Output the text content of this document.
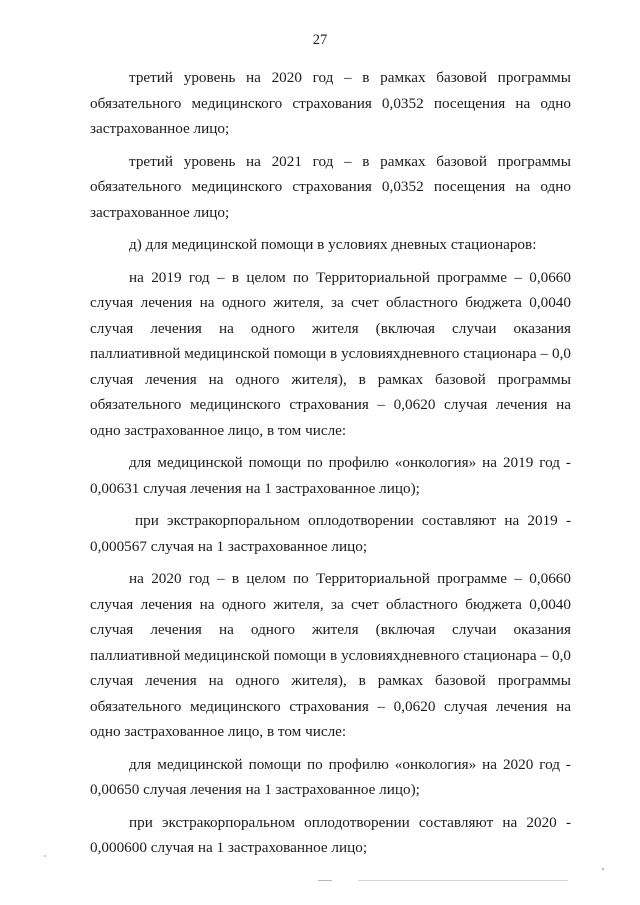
27

третий уровень на 2020 год – в рамках базовой программы обязательного медицинского страхования 0,0352 посещения на одно застрахованное лицо;

третий уровень на 2021 год – в рамках базовой программы обязательного медицинского страхования 0,0352 посещения на одно застрахованное лицо;

д) для медицинской помощи в условиях дневных стационаров:

на 2019 год – в целом по Территориальной программе – 0,0660 случая лечения на одного жителя, за счет областного бюджета 0,0040 случая лечения на одного жителя (включая случаи оказания паллиативной медицинской помощи в условияхдневного стационара – 0,0 случая лечения на одного жителя), в рамках базовой программы обязательного медицинского страхования – 0,0620 случая лечения на одно застрахованное лицо, в том числе:

для медицинской помощи по профилю «онкология» на 2019 год - 0,00631 случая лечения на 1 застрахованное лицо);

при экстракорпоральном оплодотворении составляют на 2019 - 0,000567 случая на 1 застрахованное лицо;

на 2020 год – в целом по Территориальной программе – 0,0660 случая лечения на одного жителя, за счет областного бюджета 0,0040 случая лечения на одного жителя (включая случаи оказания паллиативной медицинской помощи в условияхдневного стационара – 0,0 случая лечения на одного жителя), в рамках базовой программы обязательного медицинского страхования – 0,0620 случая лечения на одно застрахованное лицо, в том числе:

для медицинской помощи по профилю «онкология» на 2020 год - 0,00650 случая лечения на 1 застрахованное лицо);

при экстракорпоральном оплодотворении составляют на 2020 - 0,000600 случая на 1 застрахованное лицо;
